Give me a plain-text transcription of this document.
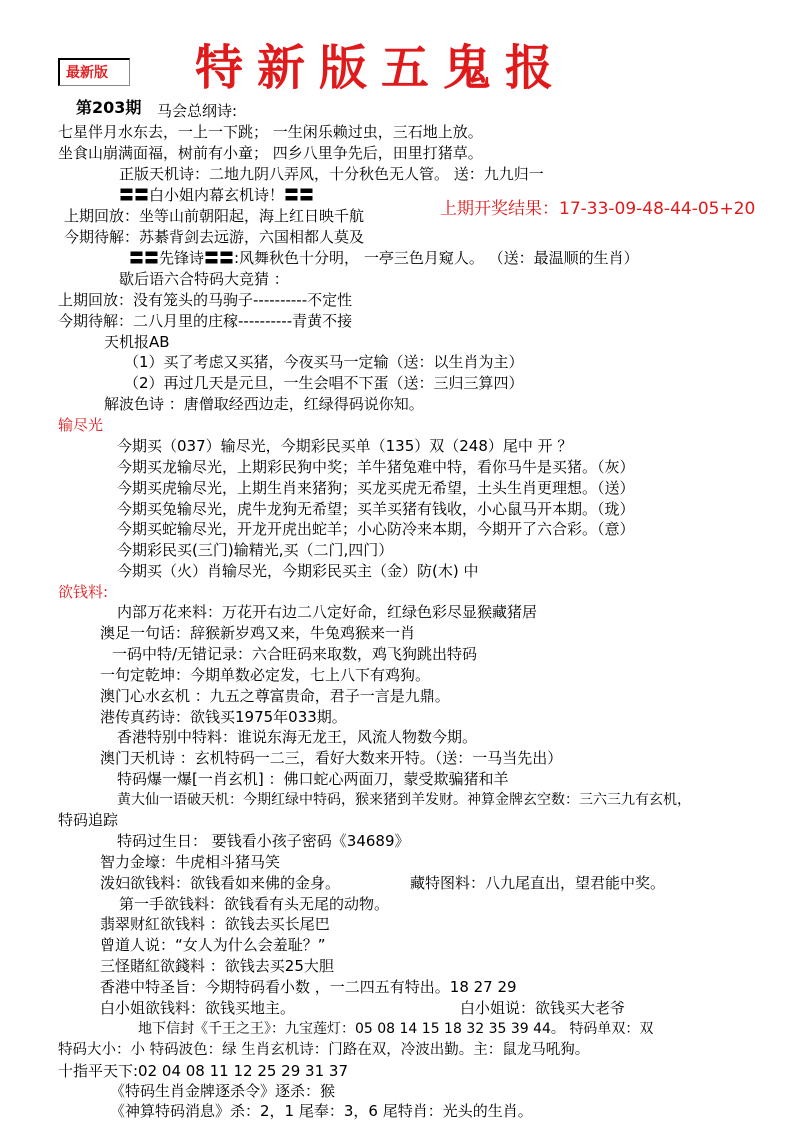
最新版 特新版五鬼报
第203期 马会总纲诗:
七星伴月水东去，一上一下跳； 一生闲乐赖过虫，三石地上放。
坐食山崩满面福，树前有小童； 四乡八里争先后，田里打猪草。
正版天机诗：二地九阴八弄风，十分秋色无人管。 送：九九归一
〓〓白小姐内幕玄机诗！〓〓
上期回放：坐等山前朝阳起，海上红日映千航	上期开奖结果：17-33-09-48-44-05+20
今期待解：苏綦背剑去远游，六国相都人莫及
〓〓先锋诗〓〓:风舞秋色十分明， 一亭三色月窥人。 （送：最温顺的生肖）
歇后语六合特码大竞猜 ：
上期回放：没有笼头的马驹子----------不定性
今期待解：二八月里的庄稼----------青黄不接
天机报AB
（1）买了考虑又买猪，今夜买马一定输（送：以生肖为主）
（2）再过几天是元旦，一生会唱不下蛋（送：三归三算四）
解波色诗 ：唐僧取经西边走，红绿得码说你知。
输尽光
今期买（037）输尽光，今期彩民买单（135）双（248）尾中 开 ？
今期买龙输尽光，上期彩民狗中奖；羊牛猪兔难中特，看你马牛是买猪。（灰）
今期买虎输尽光，上期生肖来猪狗；买龙买虎无希望，土头生肖更理想。（送）
今期买兔输尽光，虎牛龙狗无希望；买羊买猪有钱收，小心鼠马开本期。（珑）
今期买蛇输尽光，开龙开虎出蛇羊；小心防冷来本期，今期开了六合彩。（意）
今期彩民买(三门)输精光,买（二门,四门）
今期买（火）肖输尽光，今期彩民买主（金）防(木) 中
欲钱料:
内部万花来料：万花开右边二八定好命，红绿色彩尽显猴藏猪居
澳足一句话：辞猴新岁鸡又来，牛兔鸡猴来一肖
一码中特/无错记录：六合旺码来取数，鸡飞狗跳出特码
一句定乾坤：今期单数必定发，七上八下有鸡狗。
澳门心水玄机 ：九五之尊富贵命，君子一言是九鼎。
港传真药诗：欲钱买1975年033期。
香港特别中特料：谁说东海无龙王，风流人物数今期。
澳门天机诗 ：玄机特码一二三，看好大数来开特。（送：一马当先出）
特码爆一爆[一肖玄机] ：佛口蛇心两面刀，蒙受欺骗猪和羊
黄大仙一语破天机：今期红绿中特码，猴来猪到羊发财。神算金牌玄空数：三六三九有玄机，
特码追踪
特码过生日： 要钱看小孩子密码《34689》
智力金壕：牛虎相斗猪马笑
泼妇欲钱料：欲钱看如来佛的金身。	藏特图料：八九尾直出，望君能中奖。
第一手欲钱料：欲钱看有头无尾的动物。
翡翠财紅欲钱料 ：欲钱去买长尾巴
曾道人说：“女人为什么会羞耻？”
三怪賭紅欲錢料 ：欲钱去买25大胆
香港中特圣旨：今期特码看小数 ，一二四五有特出。18 27 29
白小姐欲钱料：欲钱买地主。	白小姐说：欲钱买大老爷
地下信封《千王之王》：九宝莲灯：05 08 14 15 18 32 35 39 44。 特码单双：双
特码大小：小 特码波色：绿 生肖玄机诗：门路在双，冷波出勤。主：鼠龙马吼狗。
十指平天下:02 04 08 11 12 25 29 31 37
《特码生肖金牌逐杀令》逐杀：猴
《神算特码消息》杀：2，1 尾奉：3，6 尾特肖：光头的生肖。
